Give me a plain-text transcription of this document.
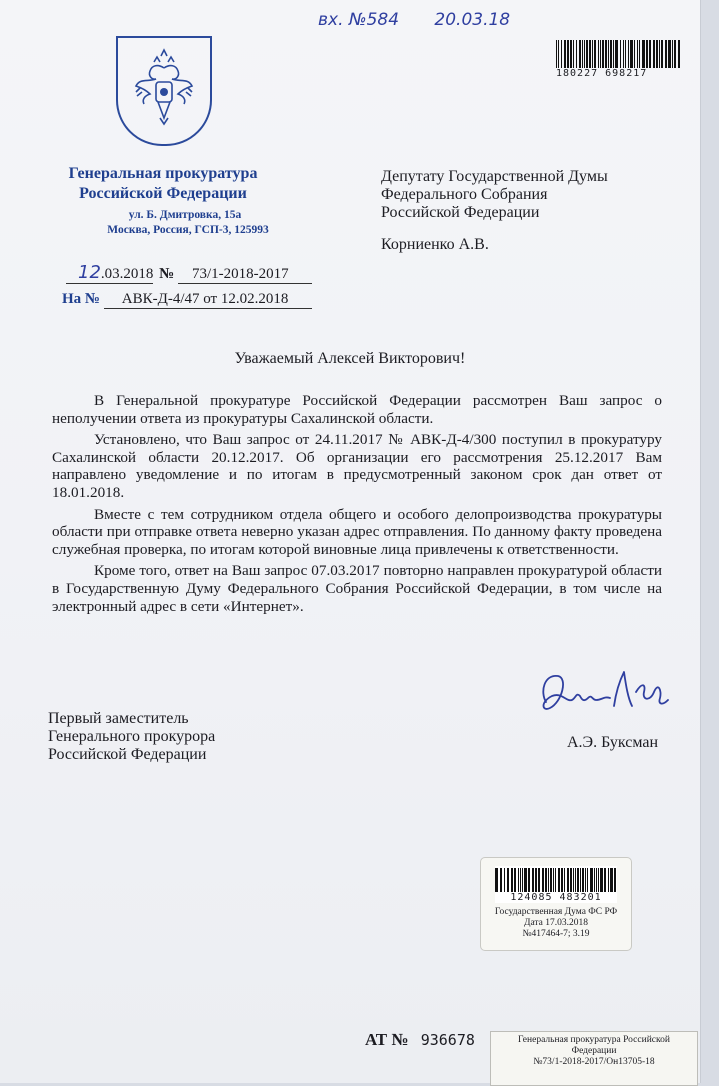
вх. №584 20.03.18
180227 698217
Генеральная прокуратура
Российской Федерации
ул. Б. Дмитровка, 15а
Москва, Россия, ГСП-3, 125993
12.03.2018 № 73/1-2018-2017
На № АВК-Д-4/47 от 12.02.2018
Депутату Государственной Думы
Федерального Собрания
Российской Федерации
Корниенко А.В.
Уважаемый Алексей Викторович!

В Генеральной прокуратуре Российской Федерации рассмотрен Ваш запрос о неполучении ответа из прокуратуры Сахалинской области.

Установлено, что Ваш запрос от 24.11.2017 № АВК-Д-4/300 поступил в прокуратуру Сахалинской области 20.12.2017. Об организации его рассмотрения 25.12.2017 Вам направлено уведомление и по итогам в предусмотренный законом срок дан ответ от 18.01.2018.

Вместе с тем сотрудником отдела общего и особого делопроизводства прокуратуры области при отправке ответа неверно указан адрес отправления. По данному факту проведена служебная проверка, по итогам которой виновные лица привлечены к ответственности.

Кроме того, ответ на Ваш запрос 07.03.2017 повторно направлен прокуратурой области в Государственную Думу Федерального Собрания Российской Федерации, в том числе на электронный адрес в сети «Интернет».

Первый заместитель
Генерального прокурора
Российской Федерации
А.Э. Буксман
124085 483201
Государственная Дума ФС РФ
Дата 17.03.2018
№417464-7; 3.19
АТ № 936678	Генеральная прокуратура Российской
Федерации
№73/1-2018-2017/Он13705-18
